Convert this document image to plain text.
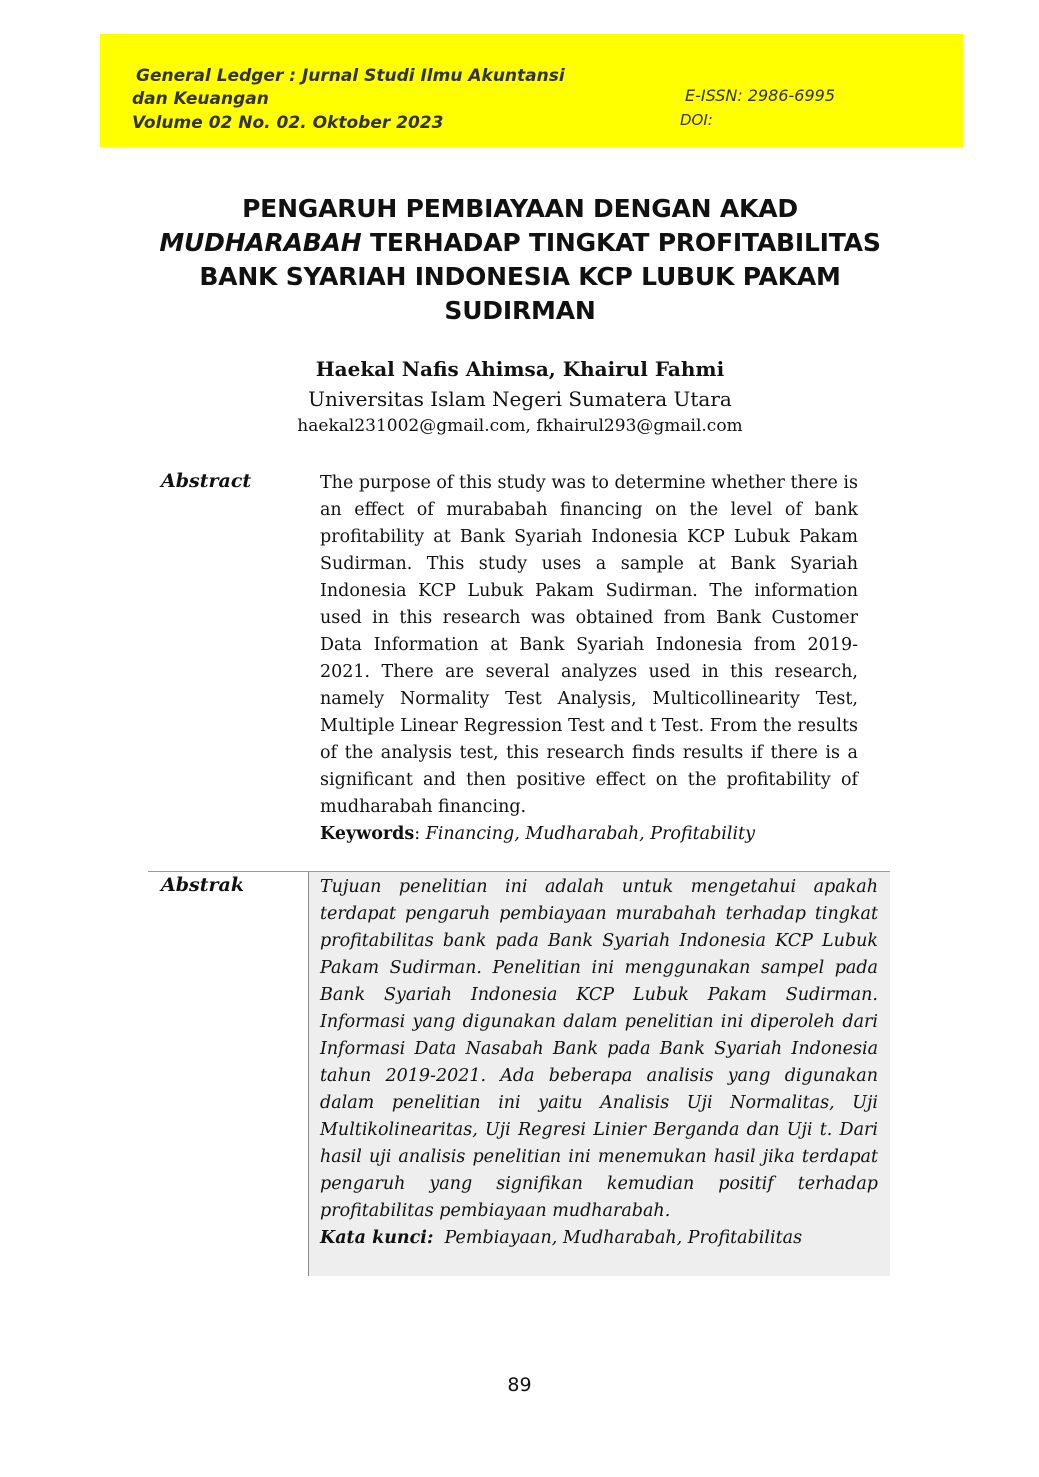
General Ledger : Jurnal Studi Ilmu Akuntansi
dan Keuangan
Volume 02 No. 02. Oktober 2023
E-ISSN: 2986-6995
DOI:
PENGARUH PEMBIAYAAN DENGAN AKAD
MUDHARABAH TERHADAP TINGKAT PROFITABILITAS
BANK SYARIAH INDONESIA KCP LUBUK PAKAM
SUDIRMAN
Haekal Nafis Ahimsa, Khairul Fahmi
Universitas Islam Negeri Sumatera Utara
haekal231002@gmail.com, fkhairul293@gmail.com
Abstract	The purpose of this study was to determine whether there is an effect of murababah financing on the level of bank profitability at Bank Syariah Indonesia KCP Lubuk Pakam Sudirman. This study uses a sample at Bank Syariah Indonesia KCP Lubuk Pakam Sudirman. The information used in this research was obtained from Bank Customer Data Information at Bank Syariah Indonesia from 2019-2021. There are several analyzes used in this research, namely Normality Test Analysis, Multicollinearity Test, Multiple Linear Regression Test and t Test. From the results of the analysis test, this research finds results if there is a significant and then positive effect on the profitability of mudharabah financing.
Keywords: Financing, Mudharabah, Profitability
Abstrak	Tujuan penelitian ini adalah untuk mengetahui apakah terdapat pengaruh pembiayaan murabahah terhadap tingkat profitabilitas bank pada Bank Syariah Indonesia KCP Lubuk Pakam Sudirman. Penelitian ini menggunakan sampel pada Bank Syariah Indonesia KCP Lubuk Pakam Sudirman. Informasi yang digunakan dalam penelitian ini diperoleh dari Informasi Data Nasabah Bank pada Bank Syariah Indonesia tahun 2019-2021. Ada beberapa analisis yang digunakan dalam penelitian ini yaitu Analisis Uji Normalitas, Uji Multikolinearitas, Uji Regresi Linier Berganda dan Uji t. Dari hasil uji analisis penelitian ini menemukan hasil jika terdapat pengaruh yang signifikan kemudian positif terhadap profitabilitas pembiayaan mudharabah.
Kata kunci: Pembiayaan, Mudharabah, Profitabilitas
89
